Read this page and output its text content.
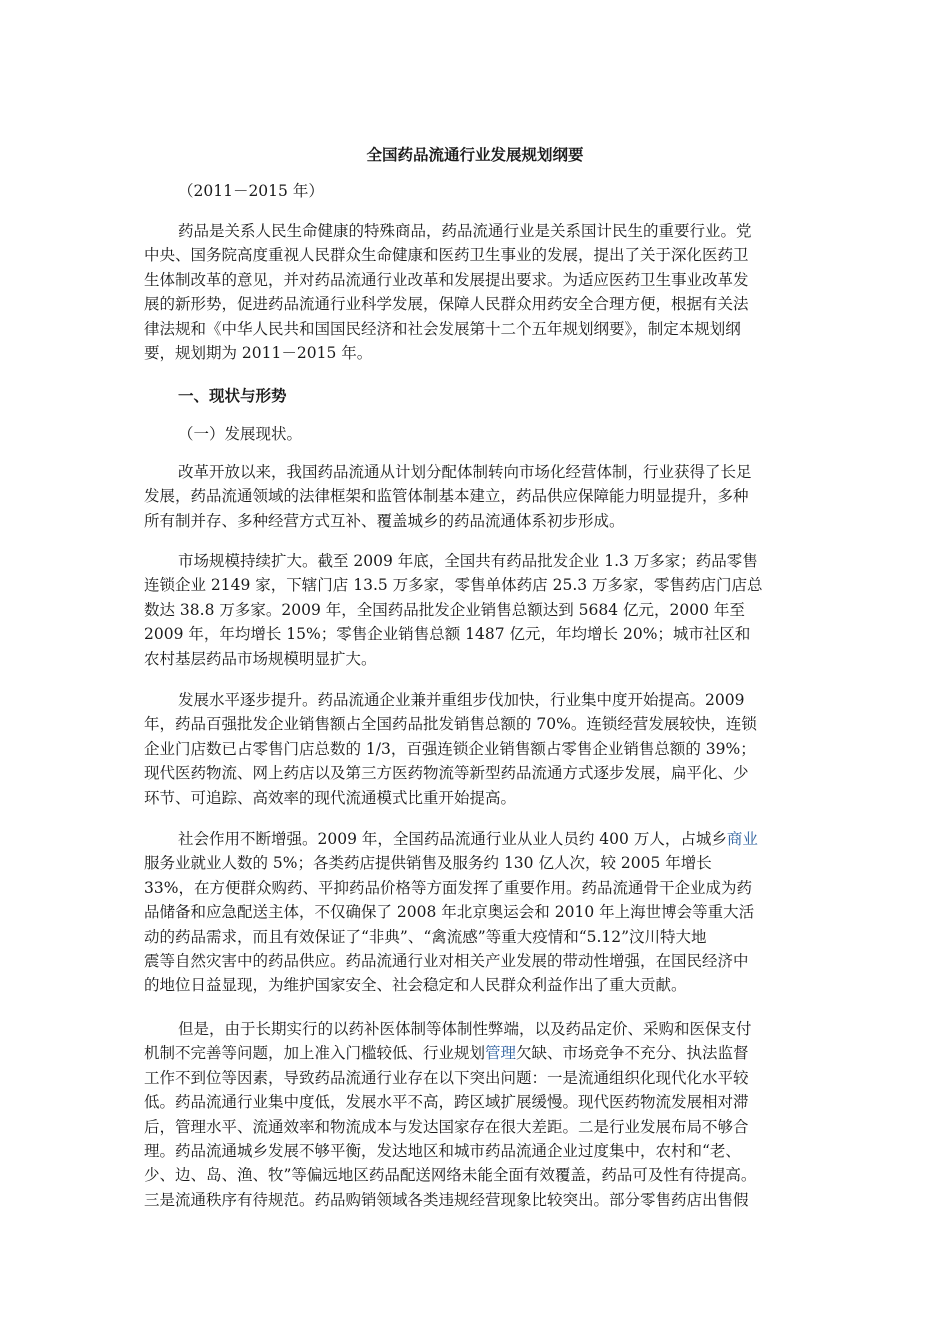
全国药品流通行业发展规划纲要
（2011－2015 年）
药品是关系人民生命健康的特殊商品，药品流通行业是关系国计民生的重要行业。党
中央、国务院高度重视人民群众生命健康和医药卫生事业的发展，提出了关于深化医药卫
生体制改革的意见，并对药品流通行业改革和发展提出要求。为适应医药卫生事业改革发
展的新形势，促进药品流通行业科学发展，保障人民群众用药安全合理方便，根据有关法
律法规和《中华人民共和国国民经济和社会发展第十二个五年规划纲要》，制定本规划纲
要，规划期为 2011－2015 年。
一、现状与形势
（一）发展现状。
改革开放以来，我国药品流通从计划分配体制转向市场化经营体制，行业获得了长足
发展，药品流通领域的法律框架和监管体制基本建立，药品供应保障能力明显提升，多种
所有制并存、多种经营方式互补、覆盖城乡的药品流通体系初步形成。
市场规模持续扩大。截至 2009 年底，全国共有药品批发企业 1.3 万多家；药品零售
连锁企业 2149 家，下辖门店 13.5 万多家，零售单体药店 25.3 万多家，零售药店门店总
数达 38.8 万多家。2009 年，全国药品批发企业销售总额达到 5684 亿元，2000 年至
2009 年，年均增长 15%；零售企业销售总额 1487 亿元，年均增长 20%；城市社区和
农村基层药品市场规模明显扩大。
发展水平逐步提升。药品流通企业兼并重组步伐加快，行业集中度开始提高。2009
年，药品百强批发企业销售额占全国药品批发销售总额的 70%。连锁经营发展较快，连锁
企业门店数已占零售门店总数的 1/3，百强连锁企业销售额占零售企业销售总额的 39%；
现代医药物流、网上药店以及第三方医药物流等新型药品流通方式逐步发展，扁平化、少
环节、可追踪、高效率的现代流通模式比重开始提高。
社会作用不断增强。2009 年，全国药品流通行业从业人员约 400 万人，占城乡商业
服务业就业人数的 5%；各类药店提供销售及服务约 130 亿人次，较 2005 年增长
33%，在方便群众购药、平抑药品价格等方面发挥了重要作用。药品流通骨干企业成为药
品储备和应急配送主体，不仅确保了 2008 年北京奥运会和 2010 年上海世博会等重大活
动的药品需求，而且有效保证了“非典”、“禽流感”等重大疫情和“5.12”汶川特大地
震等自然灾害中的药品供应。药品流通行业对相关产业发展的带动性增强，在国民经济中
的地位日益显现，为维护国家安全、社会稳定和人民群众利益作出了重大贡献。
但是，由于长期实行的以药补医体制等体制性弊端，以及药品定价、采购和医保支付
机制不完善等问题，加上准入门槛较低、行业规划管理欠缺、市场竞争不充分、执法监督
工作不到位等因素，导致药品流通行业存在以下突出问题：一是流通组织化现代化水平较
低。药品流通行业集中度低，发展水平不高，跨区域扩展缓慢。现代医药物流发展相对滞
后，管理水平、流通效率和物流成本与发达国家存在很大差距。二是行业发展布局不够合
理。药品流通城乡发展不够平衡，发达地区和城市药品流通企业过度集中，农村和“老、
少、边、岛、渔、牧”等偏远地区药品配送网络未能全面有效覆盖，药品可及性有待提高。
三是流通秩序有待规范。药品购销领域各类违规经营现象比较突出。部分零售药店出售假
